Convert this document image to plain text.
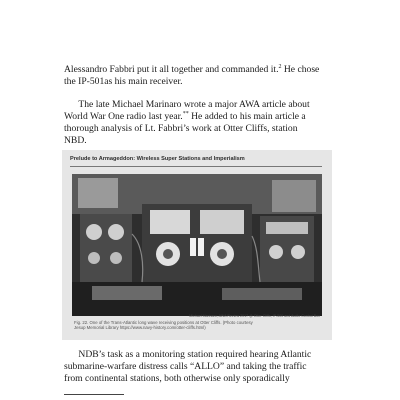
Alessandro Fabbri put it all together and commanded it.$^2$ He chose
the IP-501as his main receiver.

The late Michael Marinaro wrote a major AWA article about
World War One radio last year.** He added to his main article a
thorough analysis of Lt. Fabbri’s work at Otter Cliffs, station
NBD.

Prelude to Armageddon: Wireless Super Stations and Imperialism
Michael Marinaro, AWA Review 2017 @ Otter Cliffs, IP-500 and Audio Control Box
Fig. 22. One of the Trans-Atlantic long wave receiving positions at Otter Cliffs. (Photo courtesy
Jesup Memorial Library https://www.navy-history.com/otter-cliffs.html)

NDB’s task as a monitoring station required hearing Atlantic
submarine-warfare distress calls “ALLO” and taking the traffic
from continental stations, both otherwise only sporadically
